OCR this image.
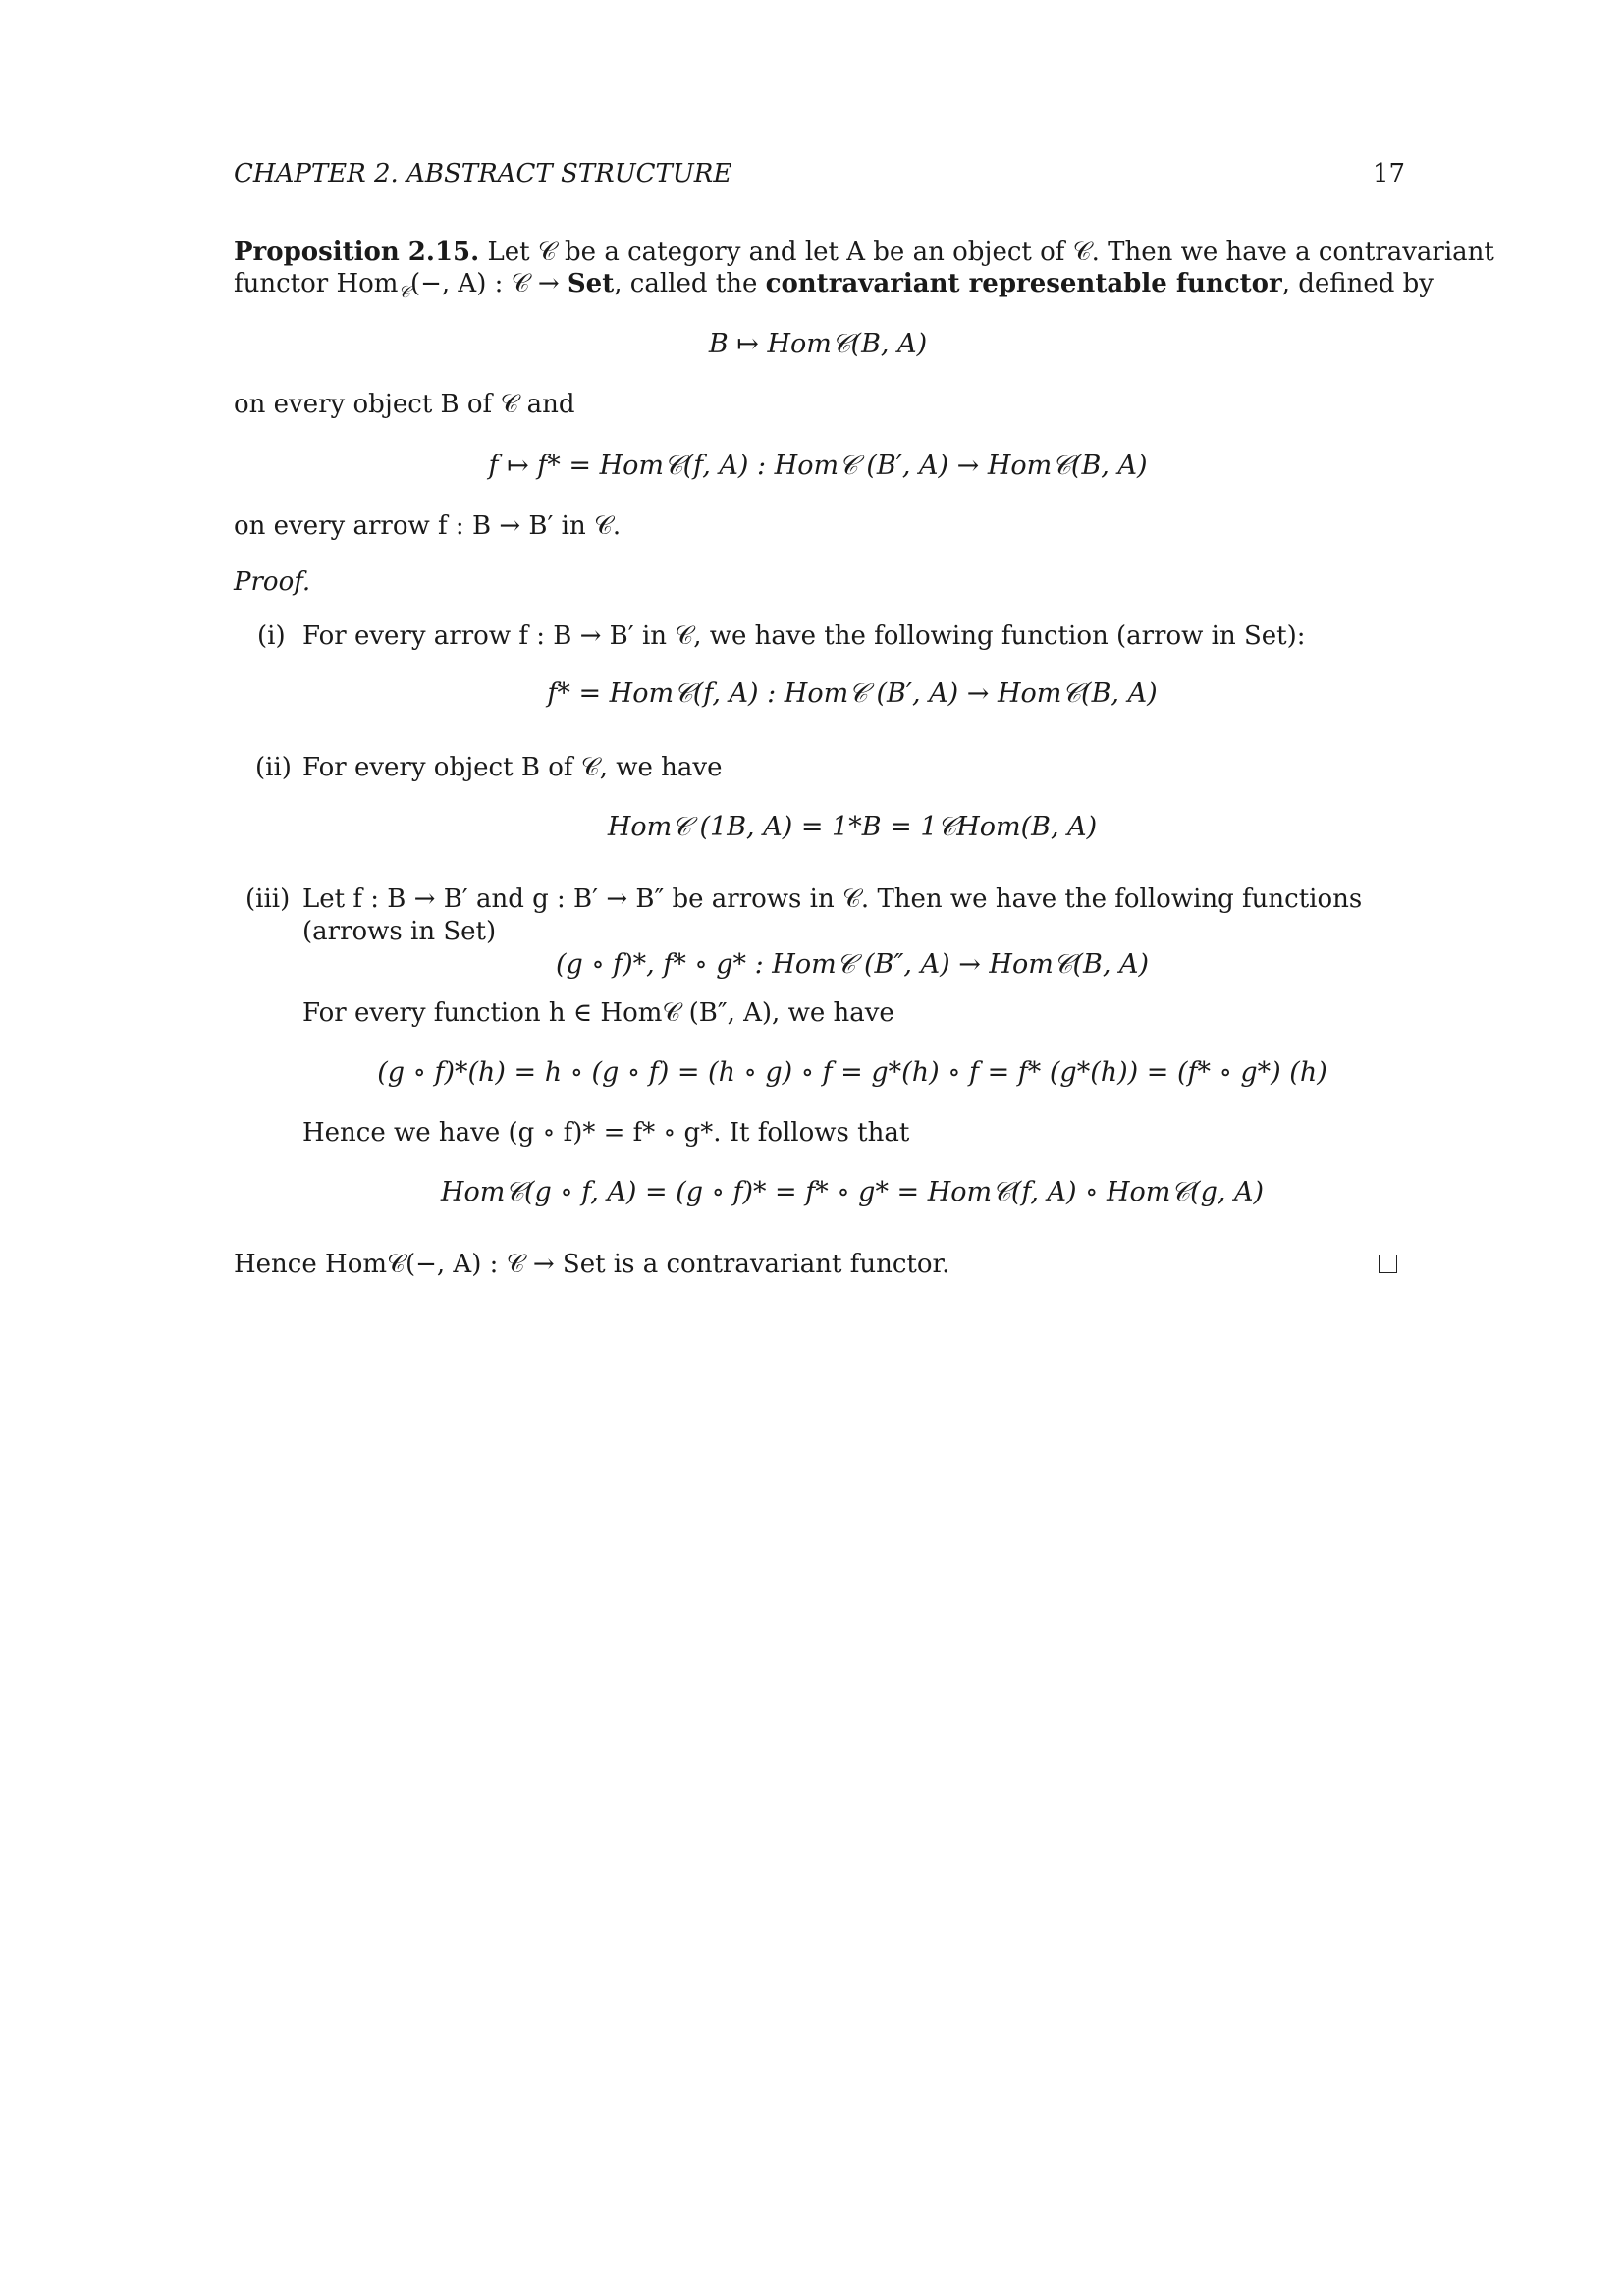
CHAPTER 2. ABSTRACT STRUCTURE	17
Proposition 2.15. Let 𝒞 be a category and let A be an object of 𝒞. Then we have a contravariant
functor Hom$_𝒞$(−, A) : 𝒞 → Set, called the contravariant representable functor, defined by
B ↦ Hom𝒞(B, A)
on every object B of 𝒞 and
f ↦ f* = Hom𝒞(f, A) : Hom𝒞 (B′, A) → Hom𝒞(B, A)
on every arrow f : B → B′ in 𝒞.
Proof.
(i) For every arrow f : B → B′ in 𝒞, we have the following function (arrow in Set):
f* = Hom𝒞(f, A) : Hom𝒞 (B′, A) → Hom𝒞(B, A)
(ii) For every object B of 𝒞, we have
Hom𝒞 (1B, A) = 1*B = 1𝒞Hom(B, A)
(iii) Let f : B → B′ and g : B′ → B″ be arrows in 𝒞. Then we have the following functions
(arrows in Set)
(g ∘ f)*, f* ∘ g* : Hom𝒞 (B″, A) → Hom𝒞(B, A)
For every function h ∈ Hom𝒞 (B″, A), we have
(g ∘ f)*(h) = h ∘ (g ∘ f) = (h ∘ g) ∘ f = g*(h) ∘ f = f* (g*(h)) = (f* ∘ g*) (h)
Hence we have (g ∘ f)* = f* ∘ g*. It follows that
Hom𝒞(g ∘ f, A) = (g ∘ f)* = f* ∘ g* = Hom𝒞(f, A) ∘ Hom𝒞(g, A)
Hence Hom𝒞(−, A) : 𝒞 → Set is a contravariant functor.
